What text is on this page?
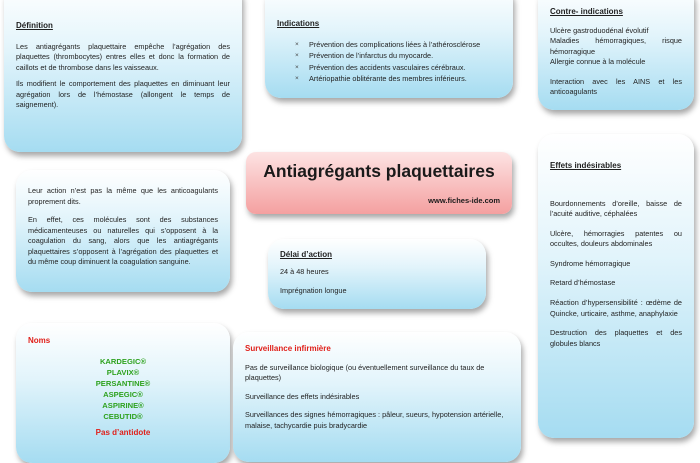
Définition

Les antiagrégants plaquettaire empêche l’agrégation des plaquettes (thrombocytes) entres elles et donc la formation de caillots et de thrombose dans les vaisseaux.

Ils modifient le comportement des plaquettes en diminuant leur agrégation lors de l’hémostase (allongent le temps de saignement).

Indications
× Prévention des complications liées à l’athérosclérose
× Prévention de l’infarctus du myocarde.
× Prévention des accidents vasculaires cérébraux.
× Artériopathie oblitérante des membres inférieurs.
Contre- indications
Ulcère gastroduodénal évolutif
Maladies hémorragiques, risque hémorragique
Allergie connue à la molécule

Interaction avec les AINS et les anticoagulants

Antiagrégants plaquettaires
www.fiches-ide.com

Leur action n’est pas la même que les anticoagulants proprement dits.

En effet, ces molécules sont des substances médicamenteuses ou naturelles qui s’opposent à la coagulation du sang, alors que les antiagrégants plaquettaires s’opposent à l’agrégation des plaquettes et du même coup diminuent la coagulation sanguine.

Délai d’action
24 à 48 heures
Imprégnation longue
Effets indésirables

Bourdonnements d’oreille, baisse de l’acuité auditive, céphalées

Ulcère, hémorragies patentes ou occultes, douleurs abdominales

Syndrome hémorragique

Retard d’hémostase

Réaction d’hypersensibilité : œdème de Quincke, urticaire, asthme, anaphylaxie

Destruction des plaquettes et des globules blancs

Noms
KARDEGIC®
PLAVIX®
PERSANTINE®
ASPEGIC®
ASPIRINE®
CEBUTID®
Pas d’antidote
Surveillance infirmière

Pas de surveillance biologique (ou éventuellement surveillance du taux de plaquettes)

Surveillance des effets indésirables

Surveillances des signes hémorragiques : pâleur, sueurs, hypotension artérielle, malaise, tachycardie puis bradycardie
